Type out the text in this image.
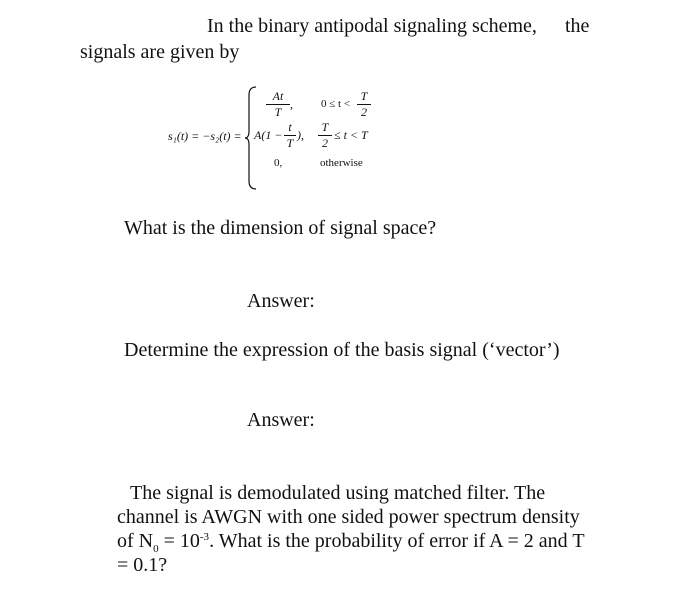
In the binary antipodal signaling scheme, the
signals are given by
s₁(t) = −s₂(t) =
$\frac{At}{T}$ ,	$0 \le t < \frac{T}{2}$
$A(1 - \frac{t}{T}$ ), $\frac{T}{2} \le t < T$
0,	otherwise
What is the dimension of signal space?
Answer:
Determine the expression of the basis signal (‘vector’)
Answer:
The signal is demodulated using matched filter. The
channel is AWGN with one sided power spectrum density
of $N_0 = 10^{-3}$. What is the probability of error if A = 2 and T
= 0.1?
